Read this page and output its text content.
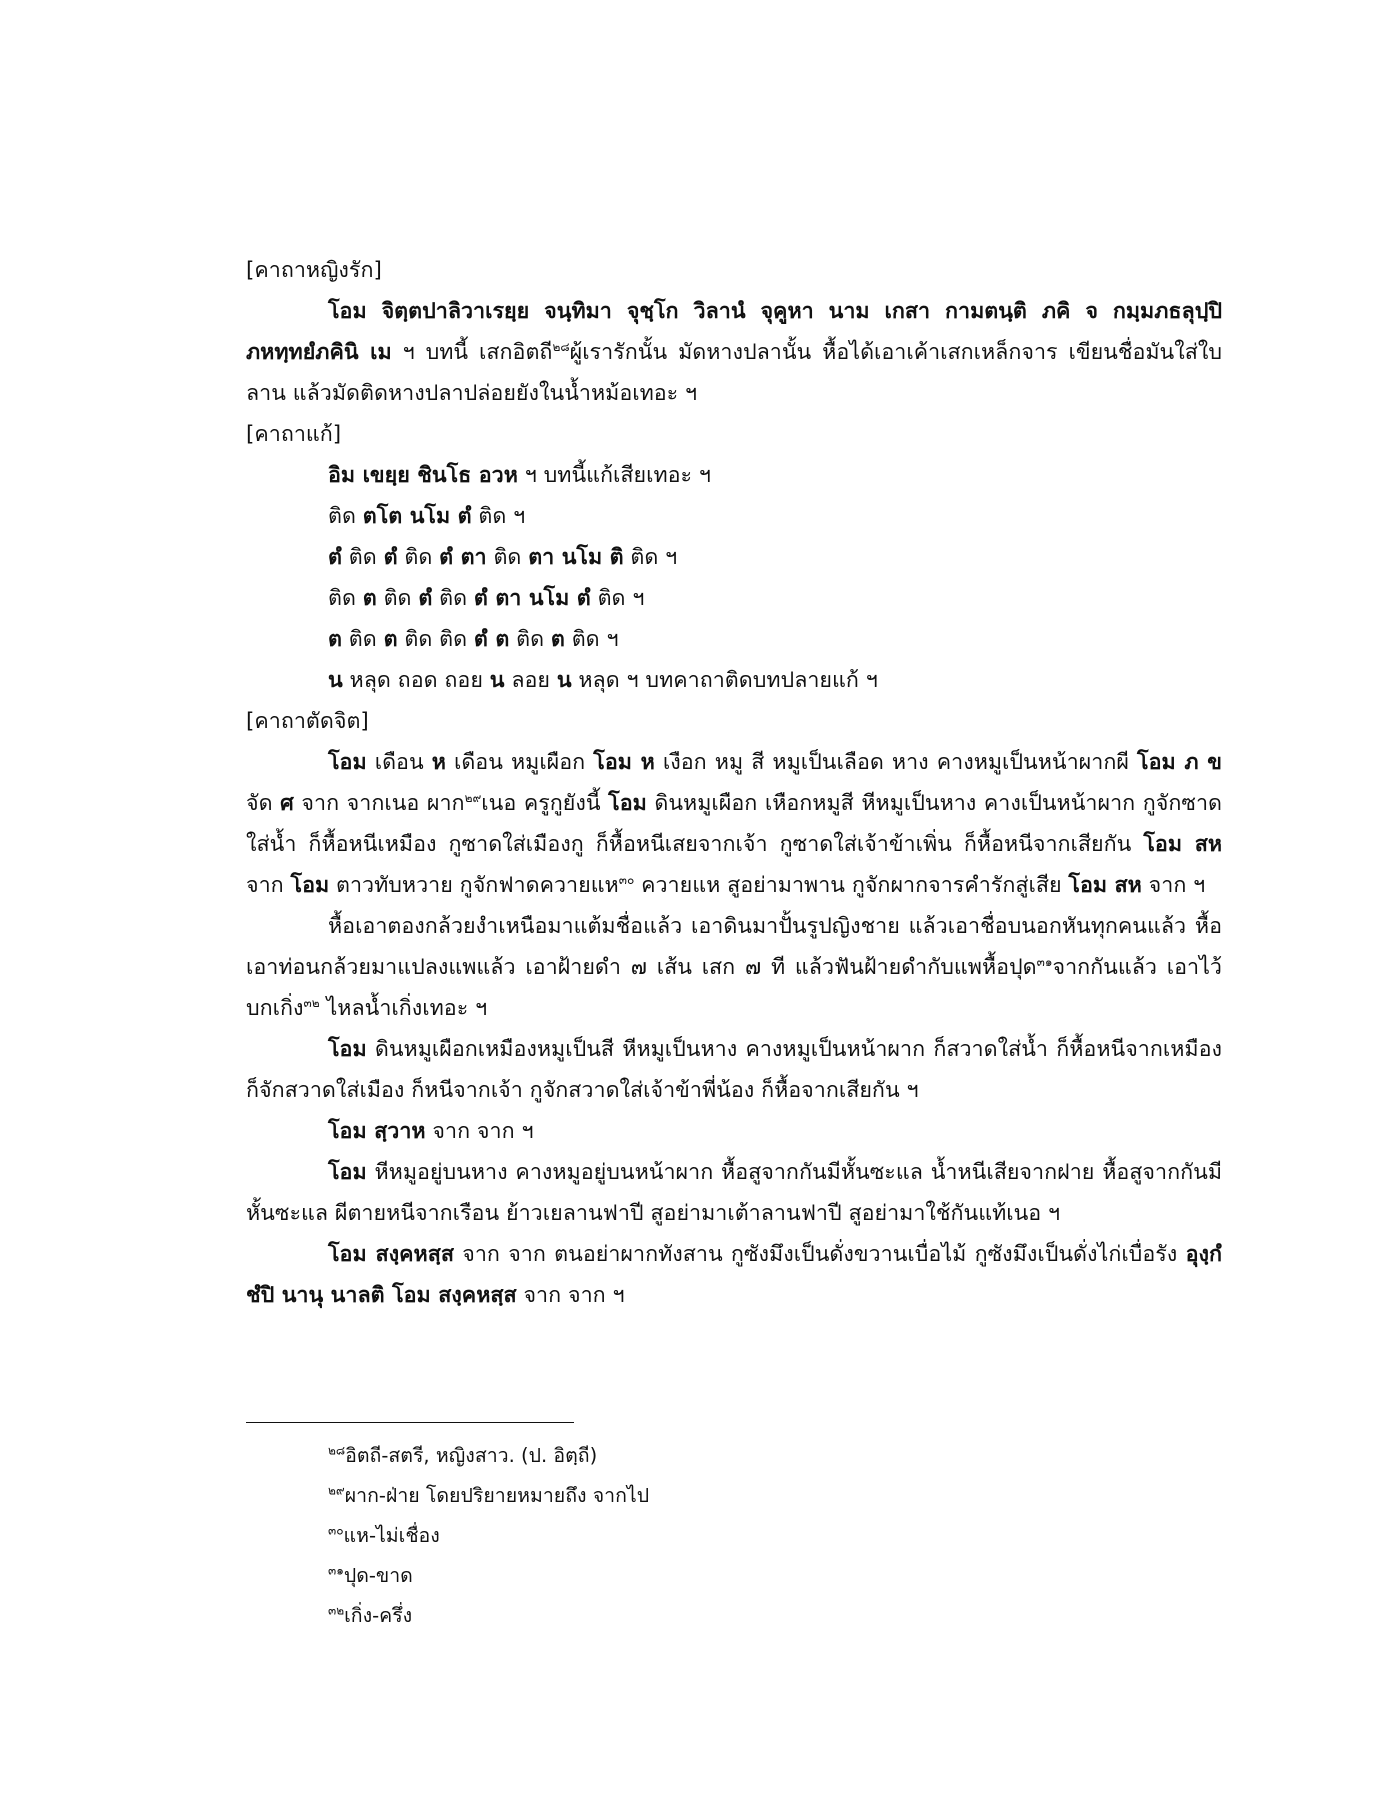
[คาถาหญิงรัก]

โอม จิตฺตปาลิวาเรยฺย จนฺทิมา จุชฺโก วิลานํ จุคูหา นาม เกสา กามตนฺติ ภคิ จ กมฺมภธลุปฺปิ ภหทฺทยํภคินิ เม ฯ บทนี้ เสกอิตถี$^{๒๘}$ผู้เรารักนั้น มัดหางปลานั้น หื้อได้เอาเค้าเสกเหล็กจาร เขียนชื่อมันใส่ใบลาน แล้วมัดติดหางปลาปล่อยยังในน้ำหม้อเทอะ ฯ

[คาถาแก้]

อิม เขยฺย ชินโธ อวห ฯ บทนี้แก้เสียเทอะ ฯ

ติด ตโต นโม ตํ ติด ฯ

ตํ ติด ตํ ติด ตํ ตา ติด ตา นโม ติ ติด ฯ

ติด ต ติด ตํ ติด ตํ ตา นโม ตํ ติด ฯ

ต ติด ต ติด ติด ตํ ต ติด ต ติด ฯ

น หลุด ถอด ถอย น ลอย น หลุด ฯ บทคาถาติดบทปลายแก้ ฯ

[คาถาตัดจิต]

โอม เดือน ห เดือน หมูเผือก โอม ห เงือก หมู สี หมูเป็นเลือด หาง คางหมูเป็นหน้าผากผี โอม ภ ข จัด ศ จาก จากเนอ ผาก$^{๒๙}$เนอ ครูกูยังนี้ โอม ดินหมูเผือก เหือกหมูสี หีหมูเป็นหาง คางเป็นหน้าผาก กูจักซาดใส่น้ำ ก็หื้อหนีเหมือง กูซาดใส่เมืองกู ก็หื้อหนีเสยจากเจ้า กูซาดใส่เจ้าข้าเพิ่น ก็หื้อหนีจากเสียกัน โอม สห จาก โอม ตาวทับหวาย กูจักฟาดควายแห$^{๓๐}$ ควายแห สูอย่ามาพาน กูจักผากจารคำรักสู่เสีย โอม สห จาก ฯ

หื้อเอาตองกล้วยงำเหนือมาแต้มชื่อแล้ว เอาดินมาปั้นรูปญิงชาย แล้วเอาชื่อบนอกหันทุกคนแล้ว หื้อเอาท่อนกล้วยมาแปลงแพแล้ว เอาฝ้ายดำ ๗ เส้น เสก ๗ ที แล้วฟันฝ้ายดำกับแพหื้อปุด$^{๓๑}$จากกันแล้ว เอาไว้บกเกิ่ง$^{๓๒}$ ไหลน้ำเกิ่งเทอะ ฯ

โอม ดินหมูเผือกเหมืองหมูเป็นสี หีหมูเป็นหาง คางหมูเป็นหน้าผาก ก็สวาดใส่น้ำ ก็หื้อหนีจากเหมือง ก็จักสวาดใส่เมือง ก็หนีจากเจ้า กูจักสวาดใส่เจ้าข้าพี่น้อง ก็หื้อจากเสียกัน ฯ

โอม สฺวาห จาก จาก ฯ

โอม หีหมูอยู่บนหาง คางหมูอยู่บนหน้าผาก หื้อสูจากกันมีหั้นซะแล น้ำหนีเสียจากฝาย หื้อสูจากกันมีหั้นซะแล ผีตายหนีจากเรือน ย้าวเยลานฟาปี สูอย่ามาเต้าลานฟาปี สูอย่ามาใช้กันแท้เนอ ฯ

โอม สงฺคหสฺส จาก จาก ตนอย่าผากทังสาน กูซังมึงเป็นดั่งขวานเบื่อไม้ กูซังมึงเป็นดั่งไก่เบื่อรัง อุงฺกํ ชํปิ นานุ นาลติ โอม สงฺคหสฺส จาก จาก ฯ

$^{๒๘}$อิตถี-สตรี, หญิงสาว. (ป. อิตฺถี)

$^{๒๙}$ผาก-ฝ่าย โดยปริยายหมายถึง จากไป

$^{๓๐}$แห-ไม่เชื่อง

$^{๓๑}$ปุด-ขาด

$^{๓๒}$เกิ่ง-ครึ่ง
